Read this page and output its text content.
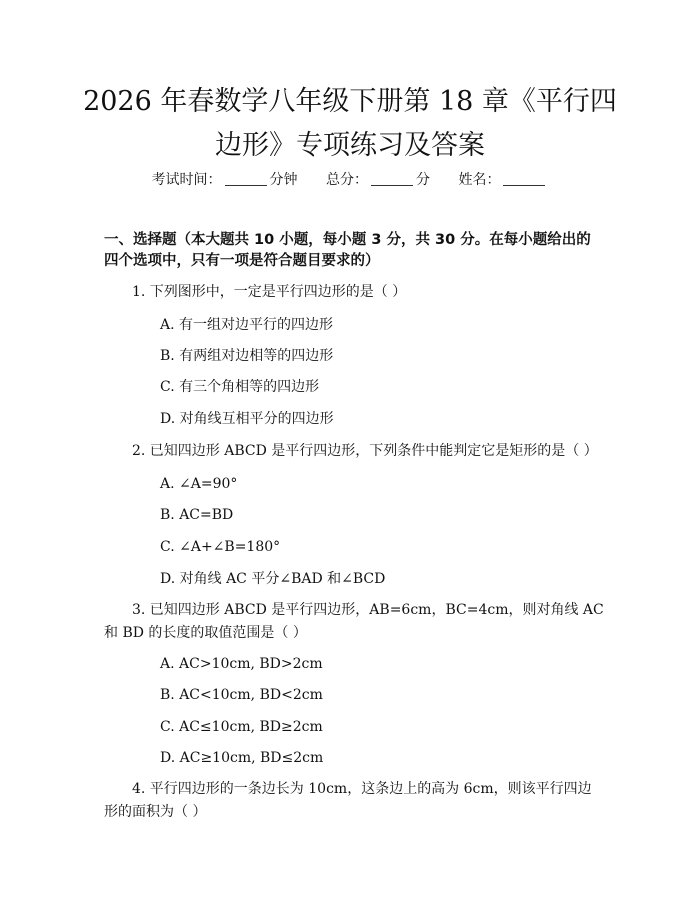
2026 年春数学八年级下册第 18 章《平行四
边形》专项练习及答案
考试时间：	分钟 总分：	分 姓名：
一、选择题（本大题共 10 小题，每小题 3 分，共 30 分。在每小题给出的四个选项中，只有一项是符合题目要求的）
1. 下列图形中，一定是平行四边形的是（ ）
A. 有一组对边平行的四边形
B. 有两组对边相等的四边形
C. 有三个角相等的四边形
D. 对角线互相平分的四边形
2. 已知四边形 ABCD 是平行四边形，下列条件中能判定它是矩形的是（ ）
A. ∠A=90°
B. AC=BD
C. ∠A+∠B=180°
D. 对角线 AC 平分∠BAD 和∠BCD
3. 已知四边形 ABCD 是平行四边形，AB=6cm，BC=4cm，则对角线 AC 和 BD 的长度的取值范围是（ ）
A. AC>10cm, BD>2cm
B. AC<10cm, BD<2cm
C. AC≤10cm, BD≥2cm
D. AC≥10cm, BD≤2cm
4. 平行四边形的一条边长为 10cm，这条边上的高为 6cm，则该平行四边形的面积为（ ）
